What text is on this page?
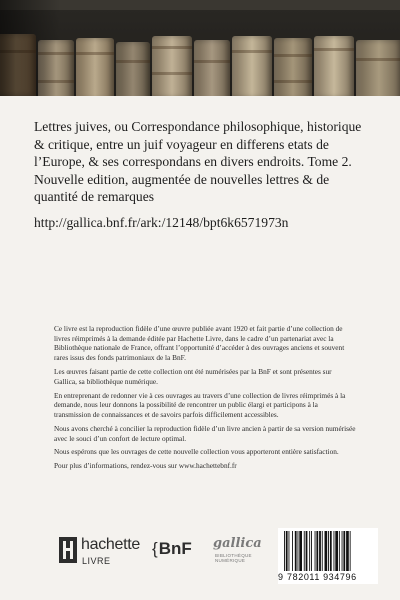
Lettres juives, ou Correspondance philosophique, historique & critique, entre un juif voyageur en differens etats de l’Europe, & ses correspondans en divers endroits. Tome 2. Nouvelle edition, augmentée de nouvelles lettres & de quantité de remarques
http://gallica.bnf.fr/ark:/12148/bpt6k6571973n

Ce livre est la reproduction fidèle d’une œuvre publiée avant 1920 et fait partie d’une collection de livres réimprimés à la demande éditée par Hachette Livre, dans le cadre d’un partenariat avec la Bibliothèque nationale de France, offrant l’opportunité d’accéder à des ouvrages anciens et souvent rares issus des fonds patrimoniaux de la BnF.

Les œuvres faisant partie de cette collection ont été numérisées par la BnF et sont présentes sur Gallica, sa bibliothèque numérique.

En entreprenant de redonner vie à ces ouvrages au travers d’une collection de livres réimprimés à la demande, nous leur donnons la possibilité de rencontrer un public élargi et participons à la transmission de connaissances et de savoirs parfois difficilement accessibles.

Nous avons cherché à concilier la reproduction fidèle d’un livre ancien à partir de sa version numérisée avec le souci d’un confort de lecture optimal.

Nous espérons que les ouvrages de cette nouvelle collection vous apporteront entière satisfaction.

Pour plus d’informations, rendez-vous sur www.hachettebnf.fr

hachette
LIVRE
{BnF	gallica
BIBLIOTHÈQUE NUMÉRIQUE
9 782011 934796
